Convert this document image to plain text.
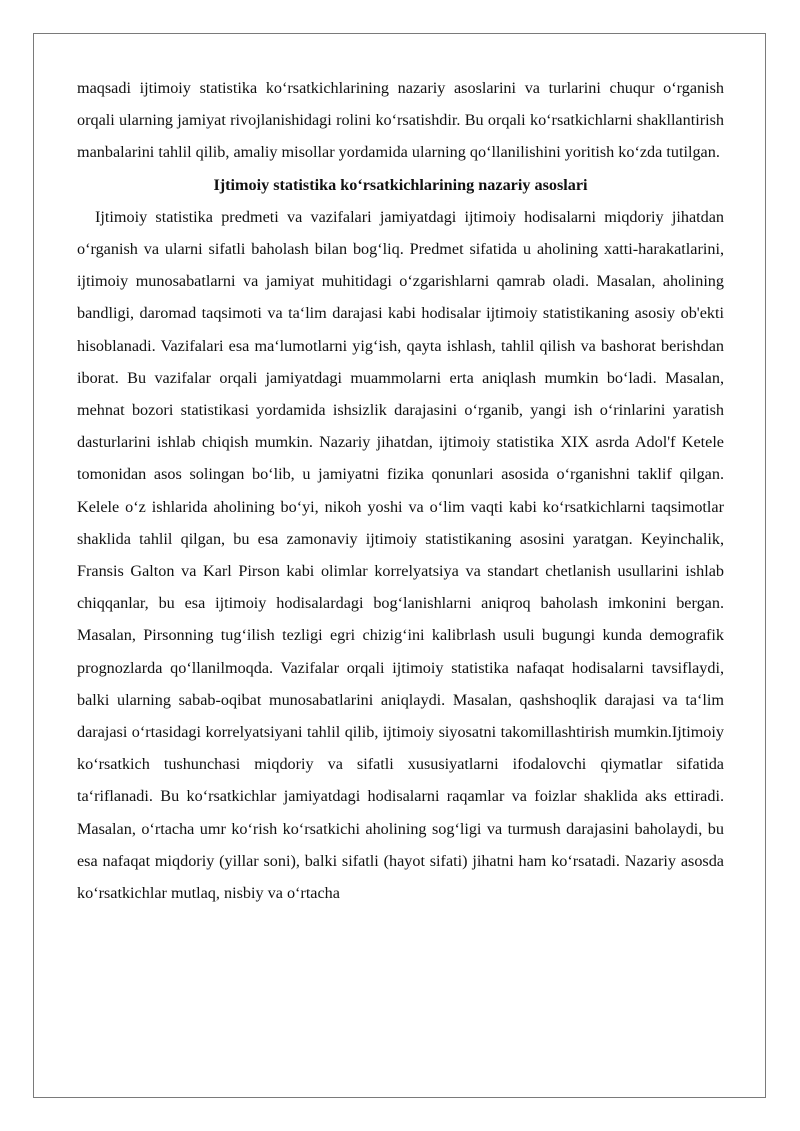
maqsadi ijtimoiy statistika koʻrsatkichlarining nazariy asoslarini va turlarini chuqur oʻrganish orqali ularning jamiyat rivojlanishidagi rolini koʻrsatishdir. Bu orqali koʻrsatkichlarni shakllantirish manbalarini tahlil qilib, amaliy misollar yordamida ularning qoʻllanilishini yoritish koʻzda tutilgan.

Ijtimoiy statistika koʻrsatkichlarining nazariy asoslari

Ijtimoiy statistika predmeti va vazifalari jamiyatdagi ijtimoiy hodisalarni miqdoriy jihatdan oʻrganish va ularni sifatli baholash bilan bogʻliq. Predmet sifatida u aholining xatti-harakatlarini, ijtimoiy munosabatlarni va jamiyat muhitidagi oʻzgarishlarni qamrab oladi. Masalan, aholining bandligi, daromad taqsimoti va taʻlim darajasi kabi hodisalar ijtimoiy statistikaning asosiy ob'ekti hisoblanadi. Vazifalari esa maʻlumotlarni yigʻish, qayta ishlash, tahlil qilish va bashorat berishdan iborat. Bu vazifalar orqali jamiyatdagi muammolarni erta aniqlash mumkin boʻladi. Masalan, mehnat bozori statistikasi yordamida ishsizlik darajasini oʻrganib, yangi ish oʻrinlarini yaratish dasturlarini ishlab chiqish mumkin. Nazariy jihatdan, ijtimoiy statistika XIX asrda Adol'f Ketele tomonidan asos solingan boʻlib, u jamiyatni fizika qonunlari asosida oʻrganishni taklif qilgan. Kelele oʻz ishlarida aholining boʻyi, nikoh yoshi va oʻlim vaqti kabi koʻrsatkichlarni taqsimotlar shaklida tahlil qilgan, bu esa zamonaviy ijtimoiy statistikaning asosini yaratgan. Keyinchalik, Fransis Galton va Karl Pirson kabi olimlar korrelyatsiya va standart chetlanish usullarini ishlab chiqqanlar, bu esa ijtimoiy hodisalardagi bogʻlanishlarni aniqroq baholash imkonini bergan. Masalan, Pirsonning tugʻilish tezligi egri chizigʻini kalibrlash usuli bugungi kunda demografik prognozlarda qoʻllanilmoqda. Vazifalar orqali ijtimoiy statistika nafaqat hodisalarni tavsiflaydi, balki ularning sabab-oqibat munosabatlarini aniqlaydi. Masalan, qashshoqlik darajasi va taʻlim darajasi oʻrtasidagi korrelyatsiyani tahlil qilib, ijtimoiy siyosatni takomillashtirish mumkin.Ijtimoiy koʻrsatkich tushunchasi miqdoriy va sifatli xususiyatlarni ifodalovchi qiymatlar sifatida taʻriflanadi. Bu koʻrsatkichlar jamiyatdagi hodisalarni raqamlar va foizlar shaklida aks ettiradi. Masalan, oʻrtacha umr koʻrish koʻrsatkichi aholining sogʻligi va turmush darajasini baholaydi, bu esa nafaqat miqdoriy (yillar soni), balki sifatli (hayot sifati) jihatni ham koʻrsatadi. Nazariy asosda koʻrsatkichlar mutlaq, nisbiy va oʻrtacha
